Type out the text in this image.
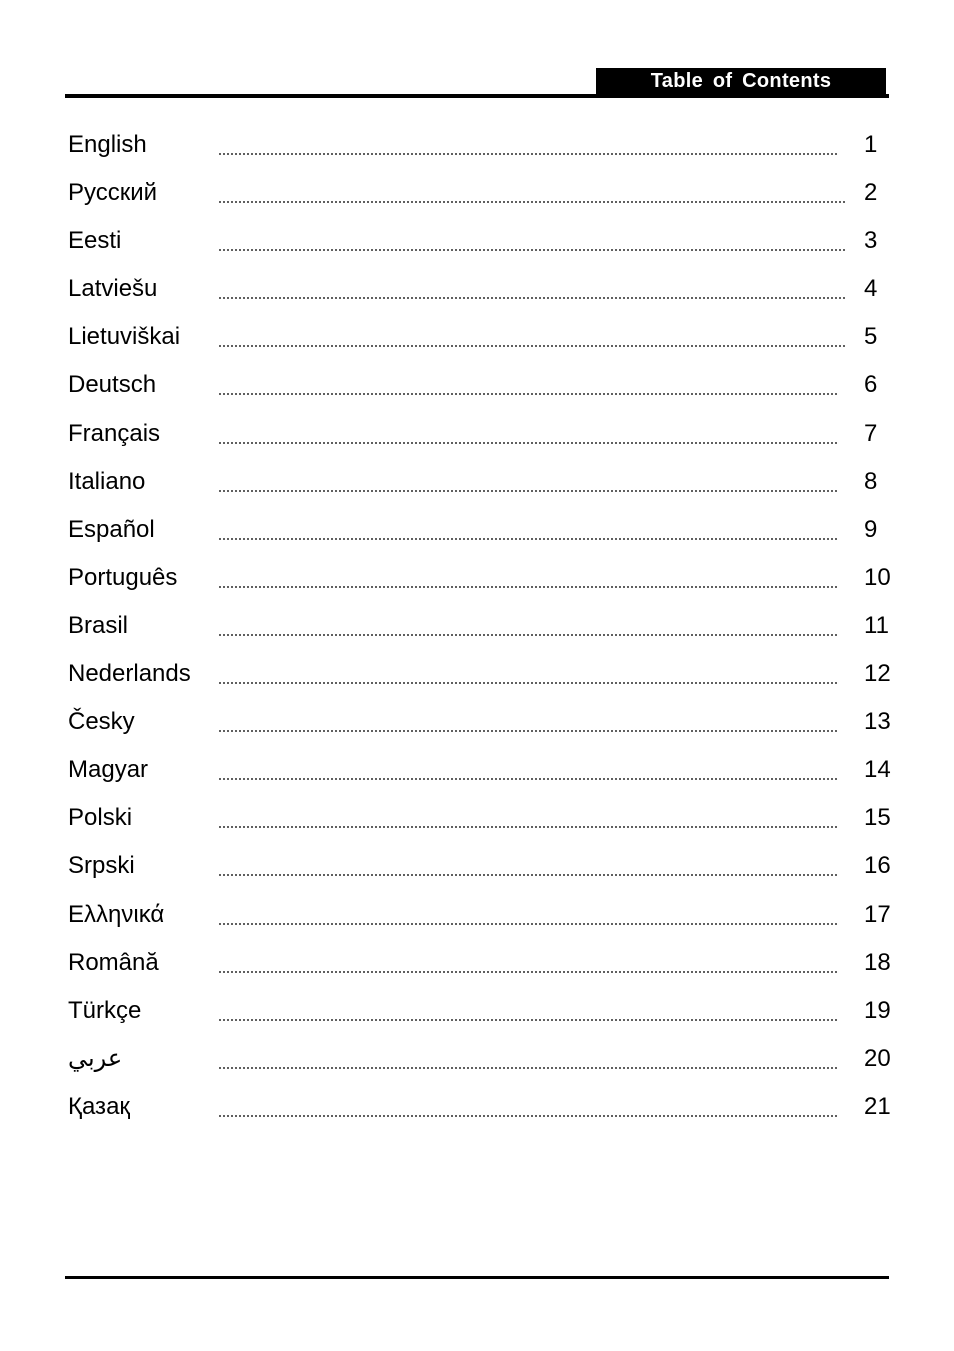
Table of Contents
English	1
Русский	2
Eesti	3
Latviešu	4
Lietuviškai	5
Deutsch	6
Français	7
Italiano	8
Español	9
Português	10
Brasil	11
Nederlands	12
Česky	13
Magyar	14
Polski	15
Srpski	16
Ελληνικά	17
Română	18
Türkçe	19
عربي	20
Қазақ	21
